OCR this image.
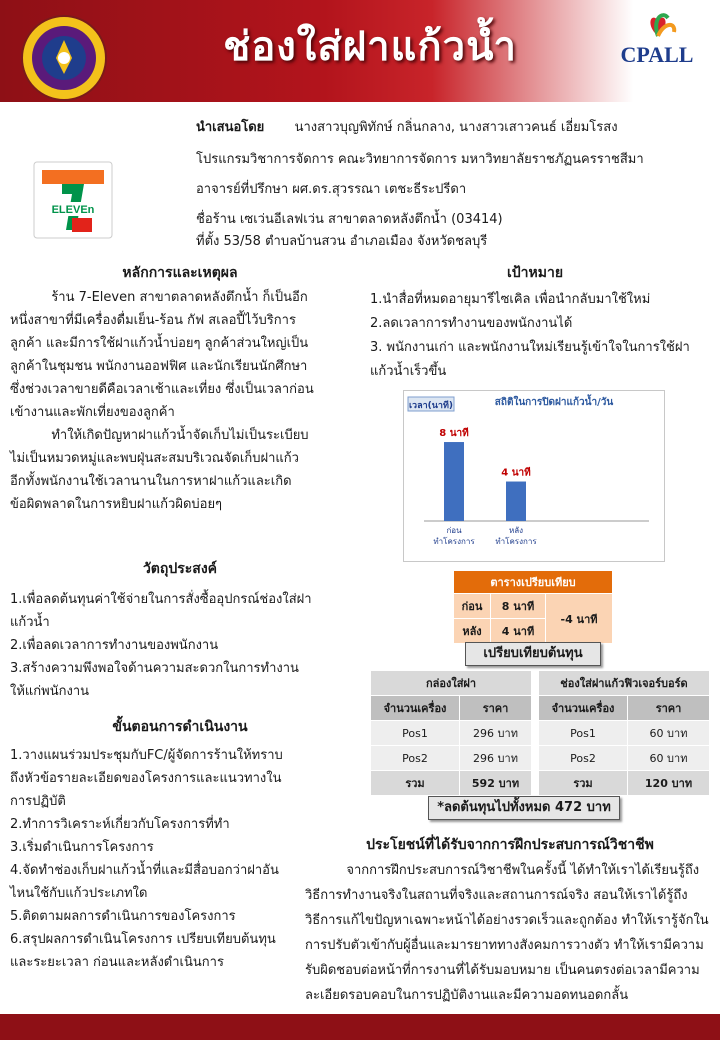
ช่องใส่ฝาแก้วน้ำ	CPALL
ELEVEn
นำเสนอโดย นางสาวบุญพิทักษ์ กลิ่นกลาง, นางสาวเสาวคนธ์ เอี่ยมโรสง
โปรแกรมวิชาการจัดการ คณะวิทยาการจัดการ มหาวิทยาลัยราชภัฏนครราชสีมา
อาจารย์ที่ปรึกษา ผศ.ดร.สุวรรณา เตชะธีระปรีดา
ชื่อร้าน เซเว่นอีเลฟเว่น สาขาตลาดหลังตึกน้ำ (03414)
ที่ตั้ง 53/58 ตำบลบ้านสวน อำเภอเมือง จังหวัดชลบุรี
หลักการและเหตุผล
ร้าน 7-Eleven สาขาตลาดหลังตึกน้ำ ก็เป็นอีก
หนึ่งสาขาที่มีเครื่องดื่มเย็น-ร้อน กัฟ สเลอปี้ไว้บริการ
ลูกค้า และมีการใช้ฝาแก้วน้ำบ่อยๆ ลูกค้าส่วนใหญ่เป็น
ลูกค้าในชุมชน พนักงานออฟฟิศ และนักเรียนนักศึกษา
ซึ่งช่วงเวลาขายดีคือเวลาเช้าและเที่ยง ซึ่งเป็นเวลาก่อน
เข้างานและพักเที่ยงของลูกค้า
ทำให้เกิดปัญหาฝาแก้วน้ำจัดเก็บไม่เป็นระเบียบ
ไม่เป็นหมวดหมู่และพบฝุ่นสะสมบริเวณจัดเก็บฝาแก้ว
อีกทั้งพนักงานใช้เวลานานในการหาฝาแก้วและเกิด
ข้อผิดพลาดในการหยิบฝาแก้วผิดบ่อยๆ
วัตถุประสงค์
1.เพื่อลดต้นทุนค่าใช้จ่ายในการสั่งซื้ออุปกรณ์ช่องใส่ฝา
แก้วน้ำ
2.เพื่อลดเวลาการทำงานของพนักงาน
3.สร้างความพึงพอใจด้านความสะดวกในการทำงาน
ให้แก่พนักงาน
ขั้นตอนการดำเนินงาน
1.วางแผนร่วมประชุมกับFC/ผู้จัดการร้านให้ทราบ
ถึงหัวข้อรายละเอียดของโครงการและแนวทางใน
การปฏิบัติ
2.ทำการวิเคราะห์เกี่ยวกับโครงการที่ทำ
3.เริ่มดำเนินการโครงการ
4.จัดทำช่องเก็บฝาแก้วน้ำที่และมีสื่อบอกว่าฝาอัน
ไหนใช้กับแก้วประเภทใด
5.ติดตามผลการดำเนินการของโครงการ
6.สรุปผลการดำเนินโครงการ เปรียบเทียบต้นทุน
และระยะเวลา ก่อนและหลังดำเนินการ
เป้าหมาย
1.นำสื่อที่หมดอายุมารีไซเคิล เพื่อนำกลับมาใช้ใหม่
2.ลดเวลาการทำงานของพนักงานได้
3. พนักงานเก่า และพนักงานใหม่เรียนรู้เข้าใจในการใช้ฝา
แก้วน้ำเร็วขึ้น
สถิติในการปิดฝาแก้วน้ำ/วัน
เวลา(นาที)
8 นาที
ก่อน
ทำโครงการ
4 นาที
หลัง
ทำโครงการ
ตารางเปรียบเทียบ		
ก่อน	8 นาที	-4 นาที
หลัง	4 นาที	
เปรียบเทียบต้นทุน
กล่องใส่ฝา	
จำนวนเครื่อง	ราคา
Pos1	296 บาท
Pos2	296 บาท
รวม	592 บาท
ช่องใส่ฝาแก้วฟิวเจอร์บอร์ด	
จำนวนเครื่อง	ราคา
Pos1	60 บาท
Pos2	60 บาท
รวม	120 บาท
*ลดต้นทุนไปทั้งหมด 472 บาท
ประโยชน์ที่ได้รับจากการฝึกประสบการณ์วิชาชีพ
จากการฝึกประสบการณ์วิชาชีพในครั้งนี้ ได้ทำให้เราได้เรียนรู้ถึง
วิธีการทำงานจริงในสถานที่จริงและสถานการณ์จริง สอนให้เราได้รู้ถึง
วิธีการแก้ไขปัญหาเฉพาะหน้าได้อย่างรวดเร็วและถูกต้อง ทำให้เรารู้จักใน
การปรับตัวเข้ากับผู้อื่นและมารยาททางสังคมการวางตัว ทำให้เรามีความ
รับผิดชอบต่อหน้าที่การงานที่ได้รับมอบหมาย เป็นคนตรงต่อเวลามีความ
ละเอียดรอบคอบในการปฏิบัติงานและมีความอดทนอดกลั้น
